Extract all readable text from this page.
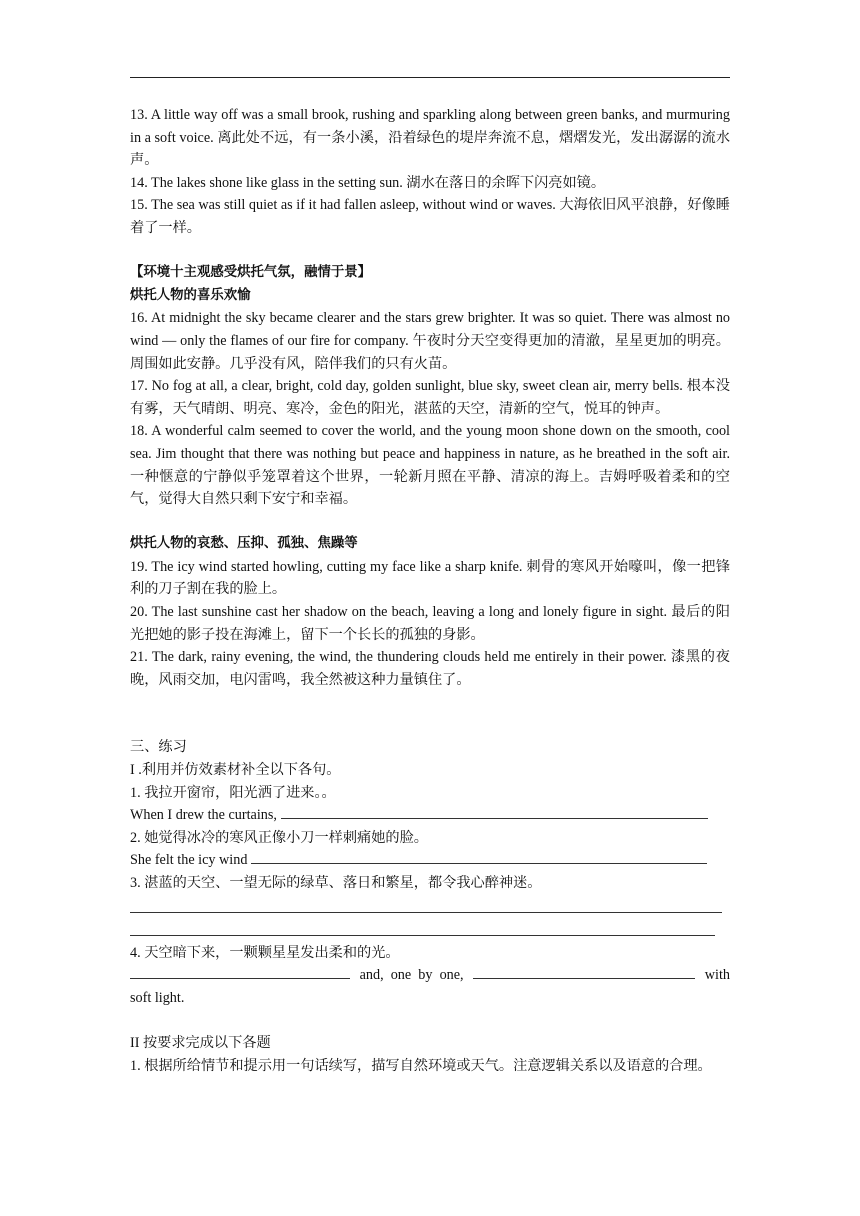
13. A little way off was a small brook, rushing and sparkling along between green banks, and murmuring in a soft voice. 离此处不远，有一条小溪，沿着绿色的堤岸奔流不息，熠熠发光，发出潺潺的流水声。

14. The lakes shone like glass in the setting sun. 湖水在落日的余晖下闪亮如镜。

15. The sea was still quiet as if it had fallen asleep, without wind or waves. 大海依旧风平浪静，好像睡着了一样。

【环境十主观感受烘托气氛，融情于景】

烘托人物的喜乐欢愉

16. At midnight the sky became clearer and the stars grew brighter. It was so quiet. There was almost no wind — only the flames of our fire for company. 午夜时分天空变得更加的清澈，星星更加的明亮。周围如此安静。几乎没有风，陪伴我们的只有火苗。

17. No fog at all, a clear, bright, cold day, golden sunlight, blue sky, sweet clean air, merry bells. 根本没有雾，天气晴朗、明亮、寒冷，金色的阳光，湛蓝的天空，清新的空气，悦耳的钟声。

18. A wonderful calm seemed to cover the world, and the young moon shone down on the smooth, cool sea. Jim thought that there was nothing but peace and happiness in nature, as he breathed in the soft air. 一种惬意的宁静似乎笼罩着这个世界，一轮新月照在平静、清凉的海上。吉姆呼吸着柔和的空气，觉得大自然只剩下安宁和幸福。

烘托人物的哀愁、压抑、孤独、焦躁等

19. The icy wind started howling, cutting my face like a sharp knife. 刺骨的寒风开始嚎叫，像一把锋利的刀子割在我的脸上。

20. The last sunshine cast her shadow on the beach, leaving a long and lonely figure in sight. 最后的阳光把她的影子投在海滩上，留下一个长长的孤独的身影。

21. The dark, rainy evening, the wind, the thundering clouds held me entirely in their power. 漆黑的夜晚，风雨交加，电闪雷鸣，我全然被这种力量镇住了。

三、练习

I .利用并仿效素材补全以下各句。

1. 我拉开窗帘，阳光洒了进来。。

When I drew the curtains,

2. 她觉得冰冷的寒风正像小刀一样刺痛她的脸。

She felt the icy wind

3. 湛蓝的天空、一望无际的绿草、落日和繁星，都令我心醉神迷。

4. 天空暗下来，一颗颗星星发出柔和的光。

and,  one  by  one,	with

soft light.

II 按要求完成以下各题

1. 根据所给情节和提示用一句话续写，描写自然环境或天气。注意逻辑关系以及语意的合理。
